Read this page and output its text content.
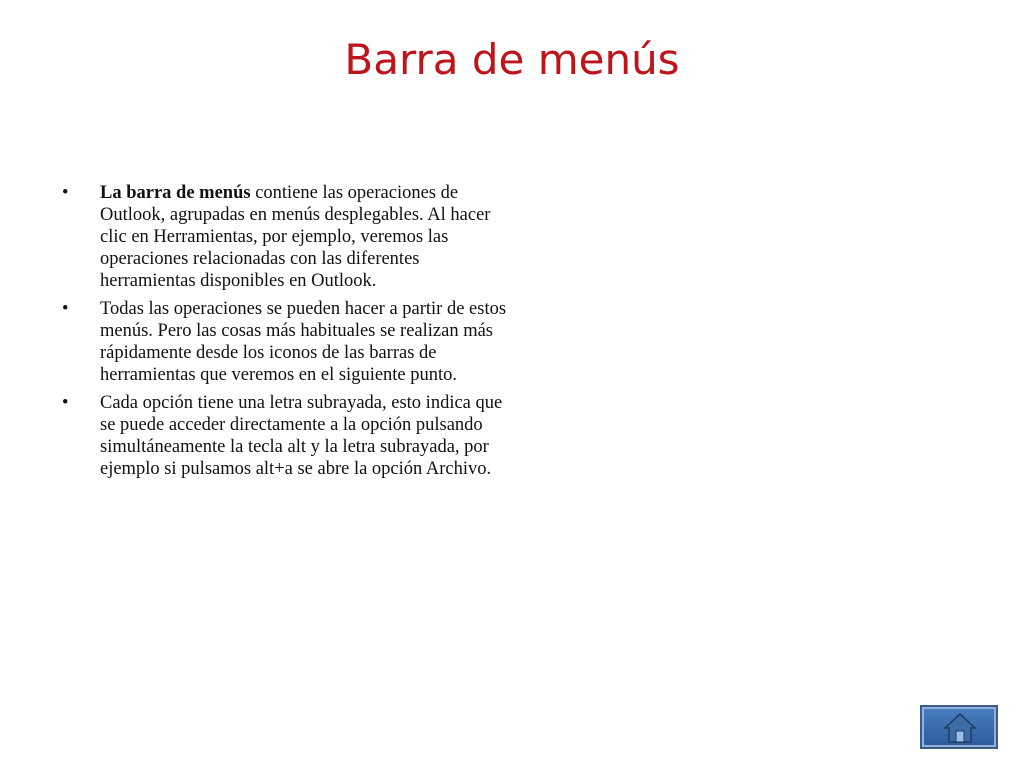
Barra de menús
•	La barra de menús contiene las operaciones de Outlook, agrupadas en menús desplegables. Al hacer clic en Herramientas, por ejemplo, veremos las operaciones relacionadas con las diferentes herramientas disponibles en Outlook.
•	Todas las operaciones se pueden hacer a partir de estos menús. Pero las cosas más habituales se realizan más rápidamente desde los iconos de las barras de herramientas que veremos en el siguiente punto.
•	Cada opción tiene una letra subrayada, esto indica que se puede acceder directamente a la opción pulsando simultáneamente la tecla alt y la letra subrayada, por ejemplo si pulsamos alt+a se abre la opción Archivo.
